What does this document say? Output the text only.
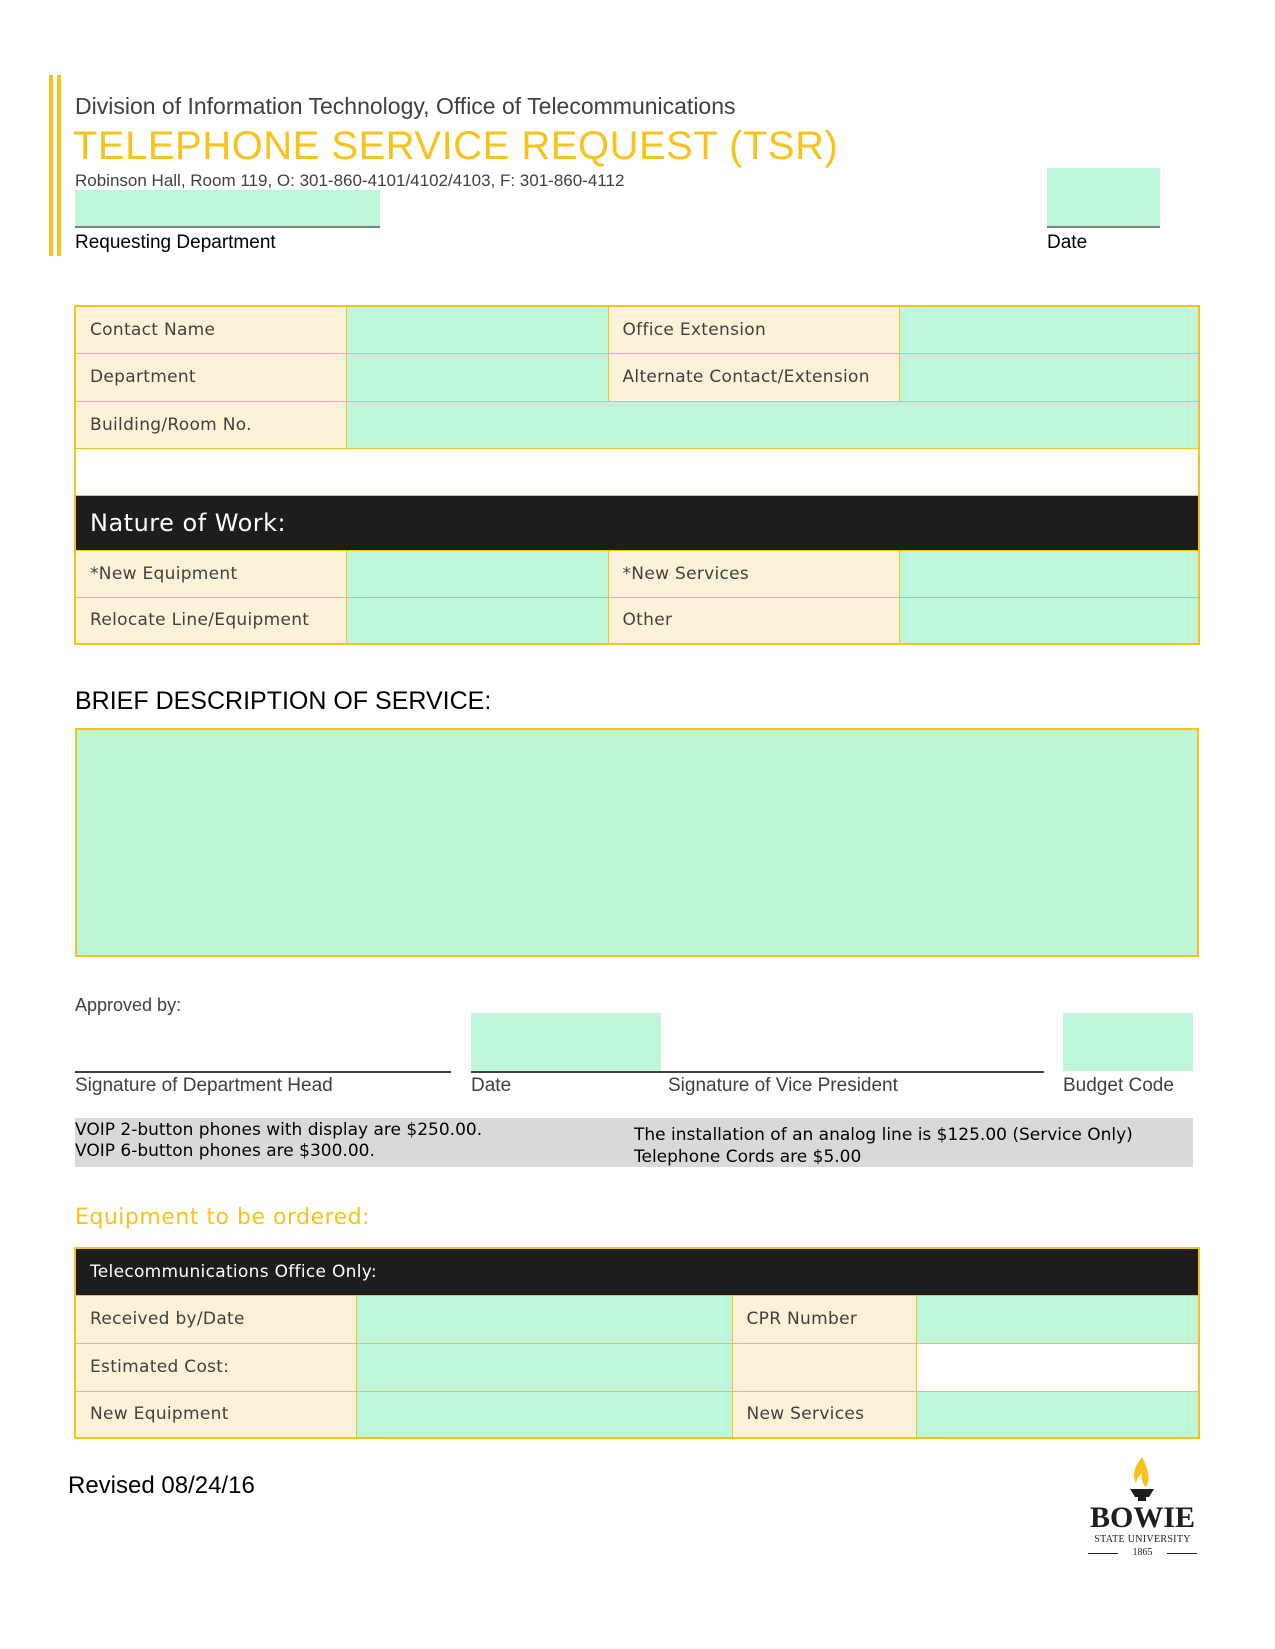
Division of Information Technology, Office of Telecommunications
TELEPHONE SERVICE REQUEST (TSR)
Robinson Hall, Room 119, O: 301-860-4101/4102/4103, F: 301-860-4112
Requesting Department	Date
Contact Name		Office Extension	
Department		Alternate Contact/Extension	
Building/Room No.			

Nature of Work:			
*New Equipment		*New Services	
Relocate Line/Equipment		Other	
BRIEF DESCRIPTION OF SERVICE:
Approved by:
Signature of Department Head	Date	Signature of Vice President	Budget Code
VOIP 2-button phones with display are $250.00.
VOIP 6-button phones are $300.00.
The installation of an analog line is $125.00 (Service Only)
Telephone Cords are $5.00
Equipment to be ordered:
Telecommunications Office Only:			
Received by/Date		CPR Number	
Estimated Cost:			
New Equipment		New Services	
Revised 08/24/16
BOWIE
STATE UNIVERSITY
1865
